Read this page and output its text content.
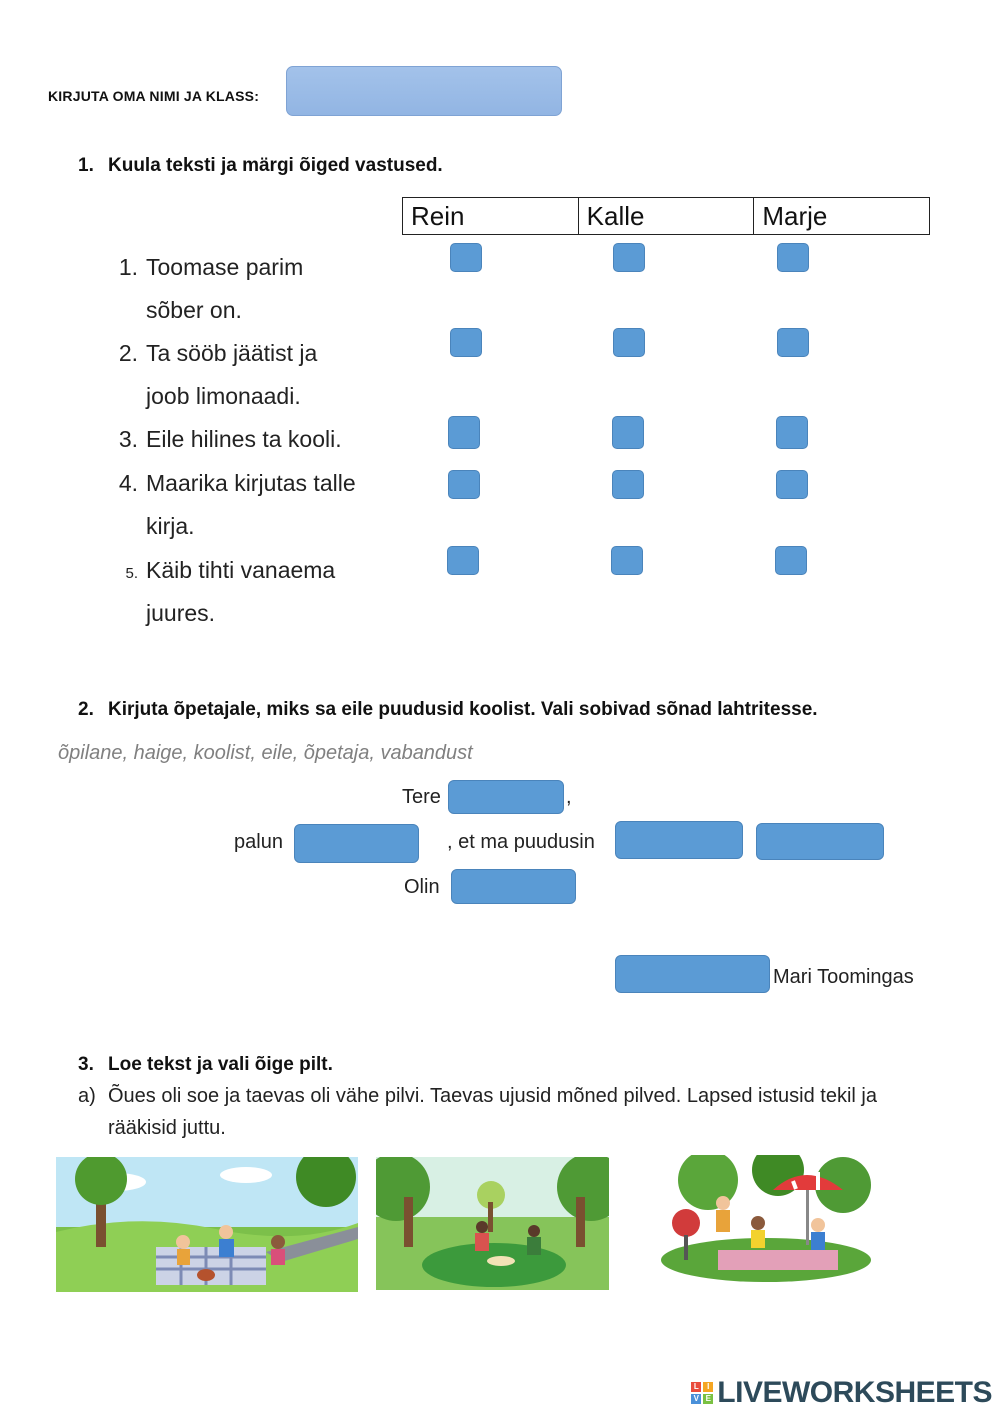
KIRJUTA OMA NIMI JA KLASS:
1. Kuula teksti ja märgi õiged vastused.
Rein	Kalle	Marje
1. Toomase parim
sõber on.
2. Ta sööb jäätist ja
joob limonaadi.
3. Eile hilines ta kooli.
4. Maarika kirjutas talle
kirja.
5. Käib tihti vanaema
juures.
2. Kirjuta õpetajale, miks sa eile puudusid koolist. Vali sobivad sõnad lahtritesse.
õpilane, haige, koolist, eile, õpetaja, vabandust
Tere	,
palun	, et ma puudusin
Olin
Mari Toomingas
3. Loe tekst ja vali õige pilt.
a) Õues oli soe ja taevas oli vähe pilvi. Taevas ujusid mõned pilved. Lapsed istusid tekil ja
rääkisid juttu.
L	I
V E LIVEWORKSHEETS
